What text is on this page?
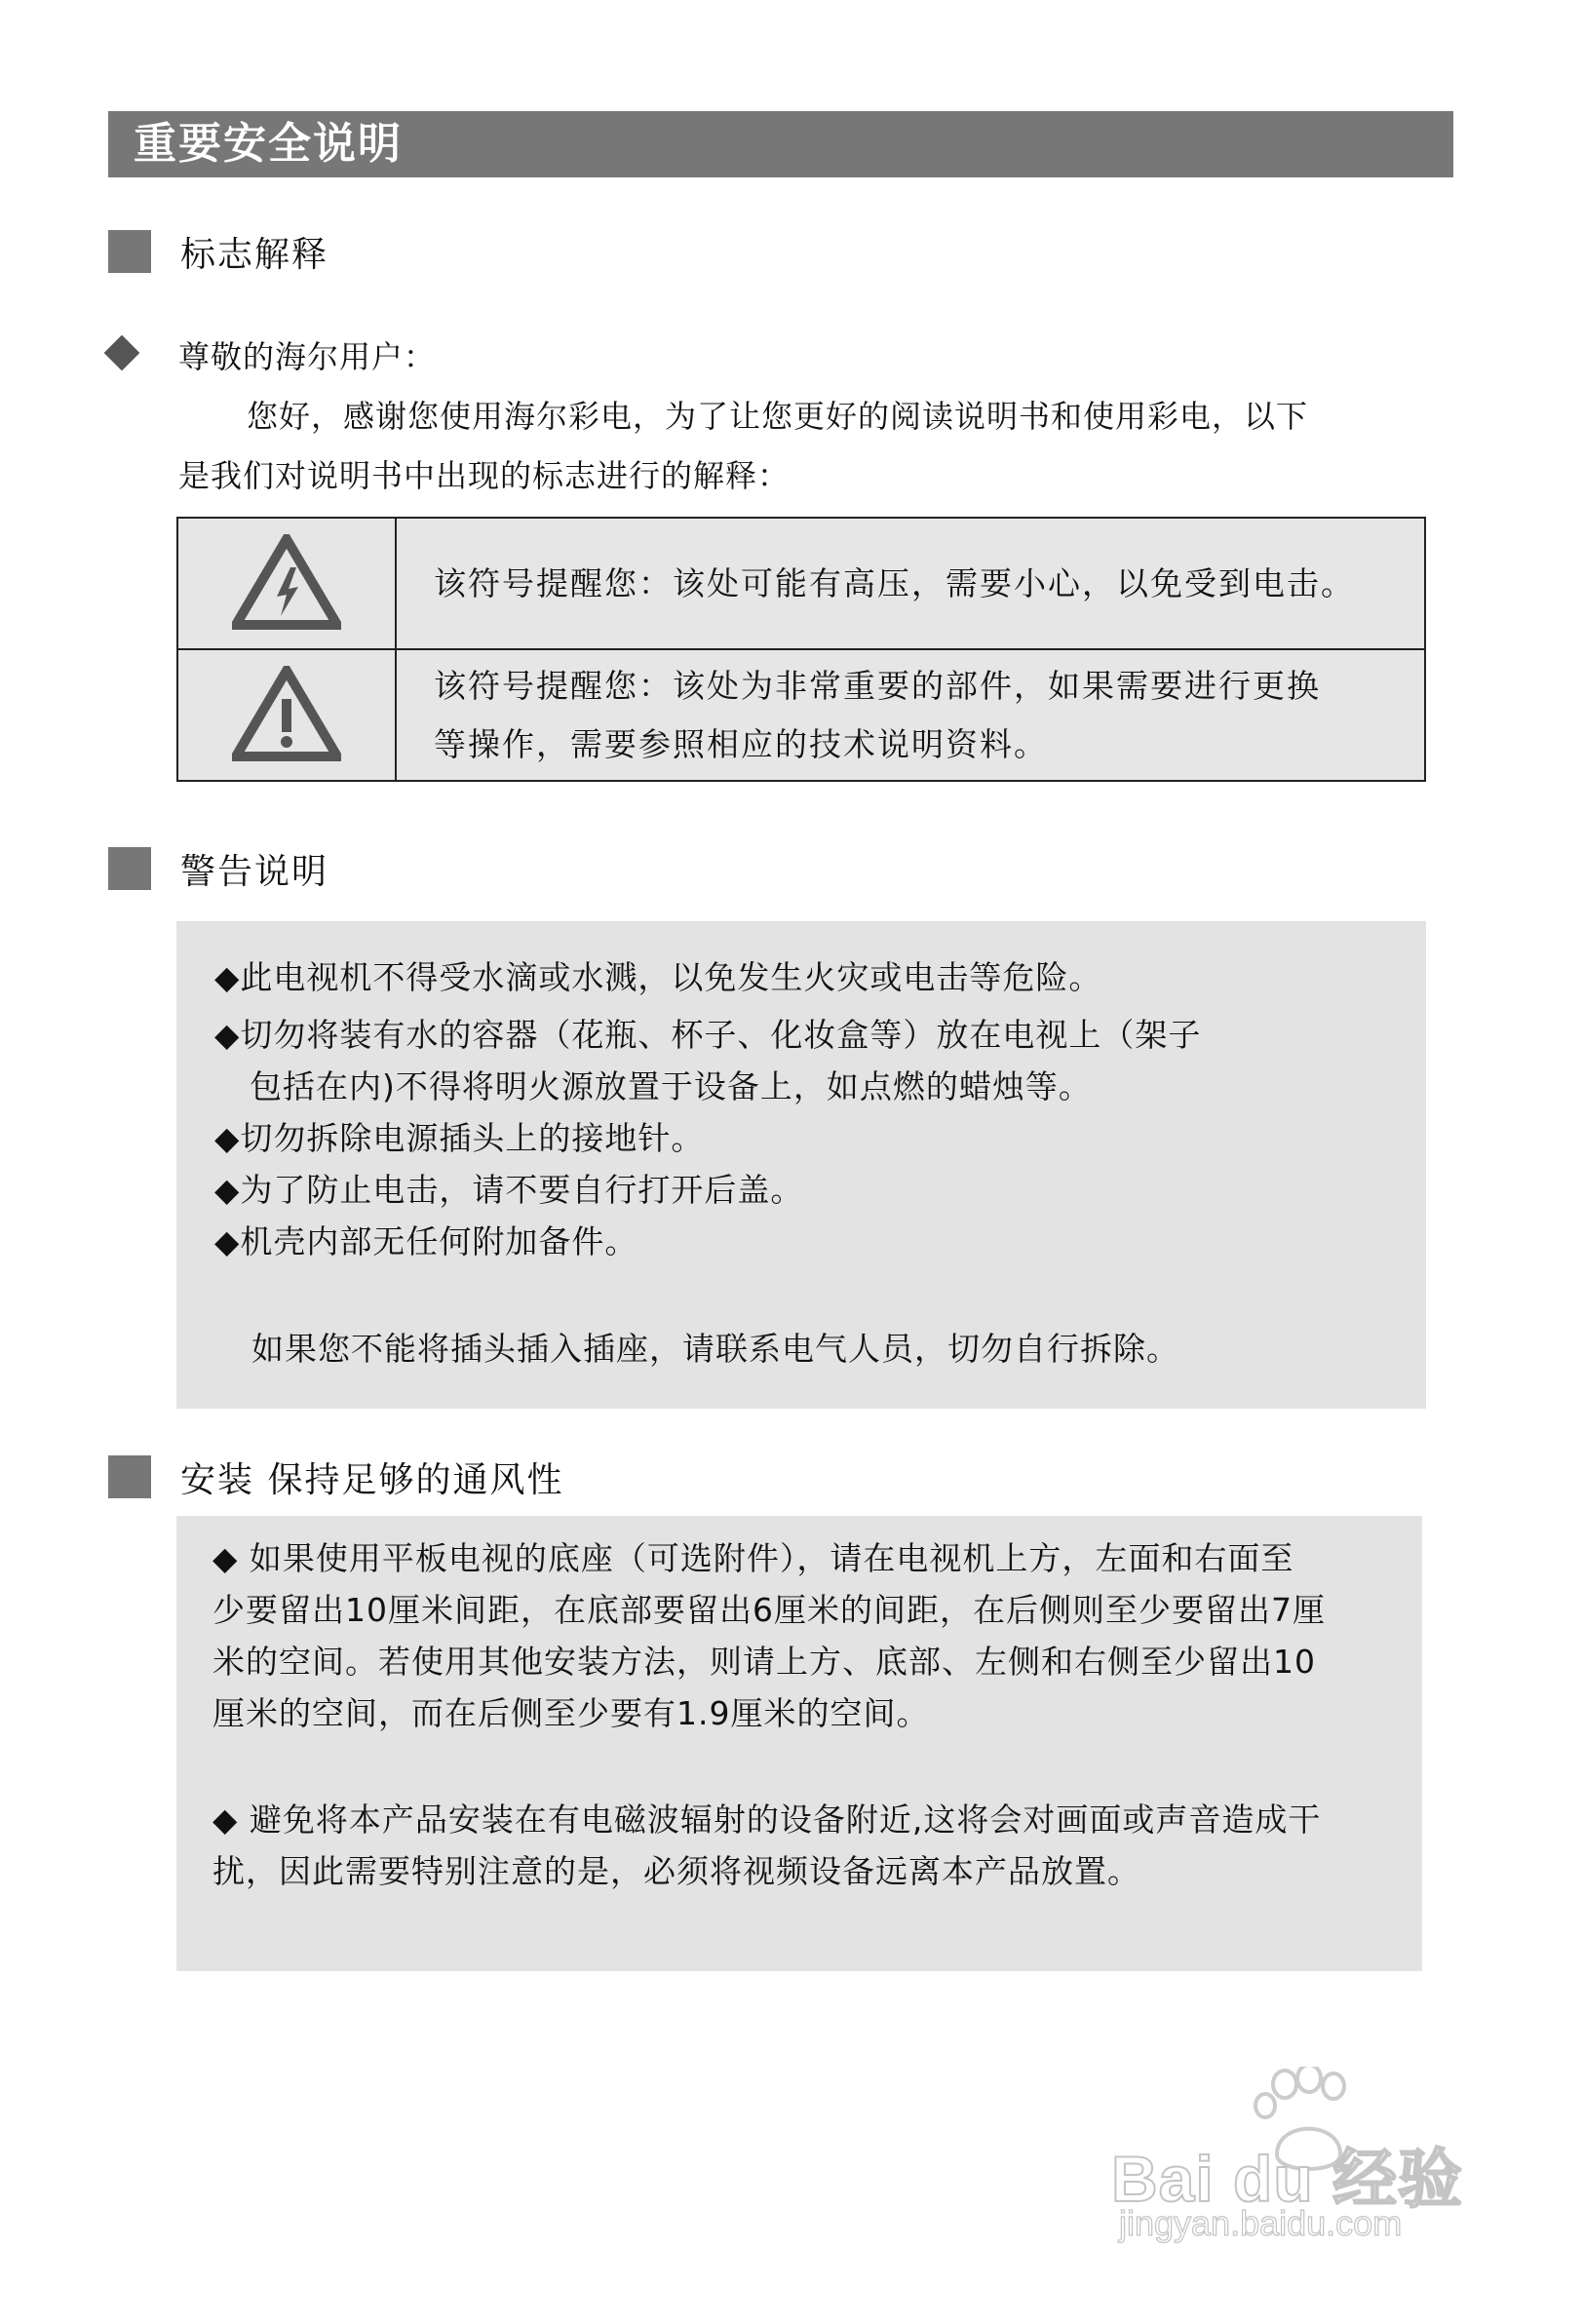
重要安全说明
标志解释
尊敬的海尔用户：
您好，感谢您使用海尔彩电，为了让您更好的阅读说明书和使用彩电，以下
是我们对说明书中出现的标志进行的解释：

该符号提醒您：该处可能有高压，需要小心，以免受到电击。

该符号提醒您：该处为非常重要的部件，如果需要进行更换
等操作，需要参照相应的技术说明资料。
警告说明
◆此电视机不得受水滴或水溅，以免发生火灾或电击等危险。
◆切勿将装有水的容器（花瓶、杯子、化妆盒等）放在电视上（架子
包括在内)不得将明火源放置于设备上，如点燃的蜡烛等。
◆切勿拆除电源插头上的接地针。
◆为了防止电击，请不要自行打开后盖。
◆机壳内部无任何附加备件。
如果您不能将插头插入插座，请联系电气人员，切勿自行拆除。
安装 保持足够的通风性
◆ 如果使用平板电视的底座（可选附件），请在电视机上方，左面和右面至
少要留出10厘米间距，在底部要留出6厘米的间距，在后侧则至少要留出7厘
米的空间。若使用其他安装方法，则请上方、底部、左侧和右侧至少留出10
厘米的空间，而在后侧至少要有1.9厘米的空间。
◆ 避免将本产品安装在有电磁波辐射的设备附近,这将会对画面或声音造成干
扰，因此需要特别注意的是，必须将视频设备远离本产品放置。
Bai du 经验
jingyan.baidu.com
